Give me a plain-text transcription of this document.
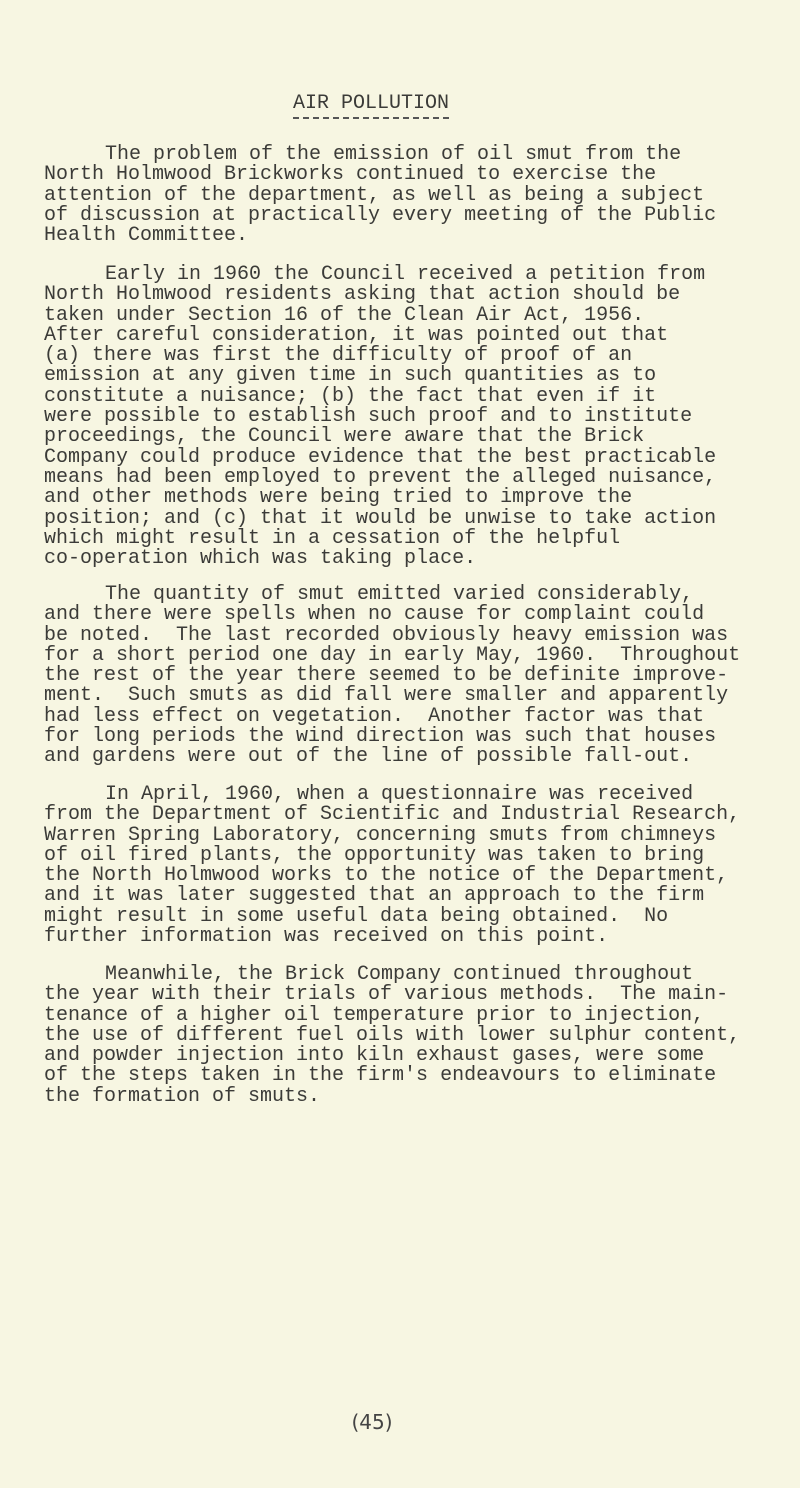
AIR POLLUTION
The problem of the emission of oil smut from the
North Holmwood Brickworks continued to exercise the
attention of the department, as well as being a subject
of discussion at practically every meeting of the Public
Health Committee.
Early in 1960 the Council received a petition from
North Holmwood residents asking that action should be
taken under Section 16 of the Clean Air Act, 1956.
After careful consideration, it was pointed out that
(a) there was first the difficulty of proof of an
emission at any given time in such quantities as to
constitute a nuisance; (b) the fact that even if it
were possible to establish such proof and to institute
proceedings, the Council were aware that the Brick
Company could produce evidence that the best practicable
means had been employed to prevent the alleged nuisance,
and other methods were being tried to improve the
position; and (c) that it would be unwise to take action
which might result in a cessation of the helpful
co-operation which was taking place.
The quantity of smut emitted varied considerably,
and there were spells when no cause for complaint could
be noted.  The last recorded obviously heavy emission was
for a short period one day in early May, 1960.  Throughout
the rest of the year there seemed to be definite improve-
ment.  Such smuts as did fall were smaller and apparently
had less effect on vegetation.  Another factor was that
for long periods the wind direction was such that houses
and gardens were out of the line of possible fall-out.
In April, 1960, when a questionnaire was received
from the Department of Scientific and Industrial Research,
Warren Spring Laboratory, concerning smuts from chimneys
of oil fired plants, the opportunity was taken to bring
the North Holmwood works to the notice of the Department,
and it was later suggested that an approach to the firm
might result in some useful data being obtained.  No
further information was received on this point.
Meanwhile, the Brick Company continued throughout
the year with their trials of various methods.  The main-
tenance of a higher oil temperature prior to injection,
the use of different fuel oils with lower sulphur content,
and powder injection into kiln exhaust gases, were some
of the steps taken in the firm's endeavours to eliminate
the formation of smuts.
(45)
